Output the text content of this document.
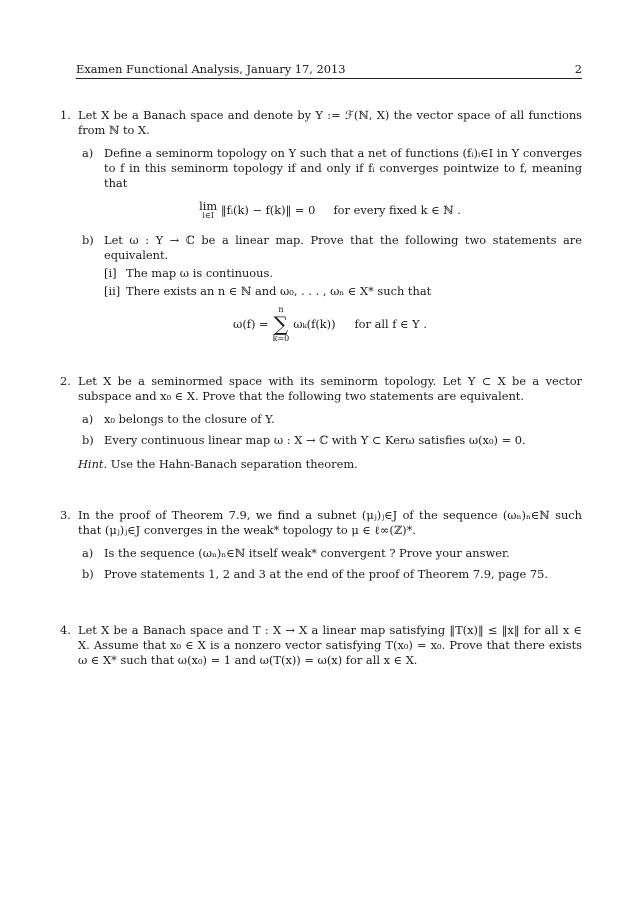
Examen Functional Analysis, January 17, 2013	2
1. Let X be a Banach space and denote by Y := ℱ(ℕ, X) the vector space of all functions from ℕ to X.
a) Define a seminorm topology on Y such that a net of functions (fᵢ)ᵢ∈I in Y converges to f in this seminorm topology if and only if fᵢ converges pointwize to f, meaning that
lim
i∈I ‖fᵢ(k) − f(k)‖ = 0 for every fixed k ∈ ℕ .
b) Let ω : Y → ℂ be a linear map. Prove that the following two statements are equivalent.
[i] The map ω is continuous.
[ii] There exists an n ∈ ℕ and ω₀, . . . , ωₙ ∈ X* such that
ω(f) =
n
∑
k=0
ωₖ(f(k))
for all f ∈ Y .
2. Let X be a seminormed space with its seminorm topology. Let Y ⊂ X be a vector subspace and x₀ ∈ X. Prove that the following two statements are equivalent.
a) x₀ belongs to the closure of Y.
b) Every continuous linear map ω : X → ℂ with Y ⊂ Kerω satisfies ω(x₀) = 0.
Hint. Use the Hahn-Banach separation theorem.
3. In the proof of Theorem 7.9, we find a subnet (μⱼ)ⱼ∈J of the sequence (ωₙ)ₙ∈ℕ such that (μⱼ)ⱼ∈J converges in the weak* topology to μ ∈ ℓ∞(ℤ)*.
a) Is the sequence (ωₙ)ₙ∈ℕ itself weak* convergent ? Prove your answer.
b) Prove statements 1, 2 and 3 at the end of the proof of Theorem 7.9, page 75.
4. Let X be a Banach space and T : X → X a linear map satisfying ‖T(x)‖ ≤ ‖x‖ for all x ∈ X. Assume that x₀ ∈ X is a nonzero vector satisfying T(x₀) = x₀. Prove that there exists ω ∈ X* such that ω(x₀) = 1 and ω(T(x)) = ω(x) for all x ∈ X.
